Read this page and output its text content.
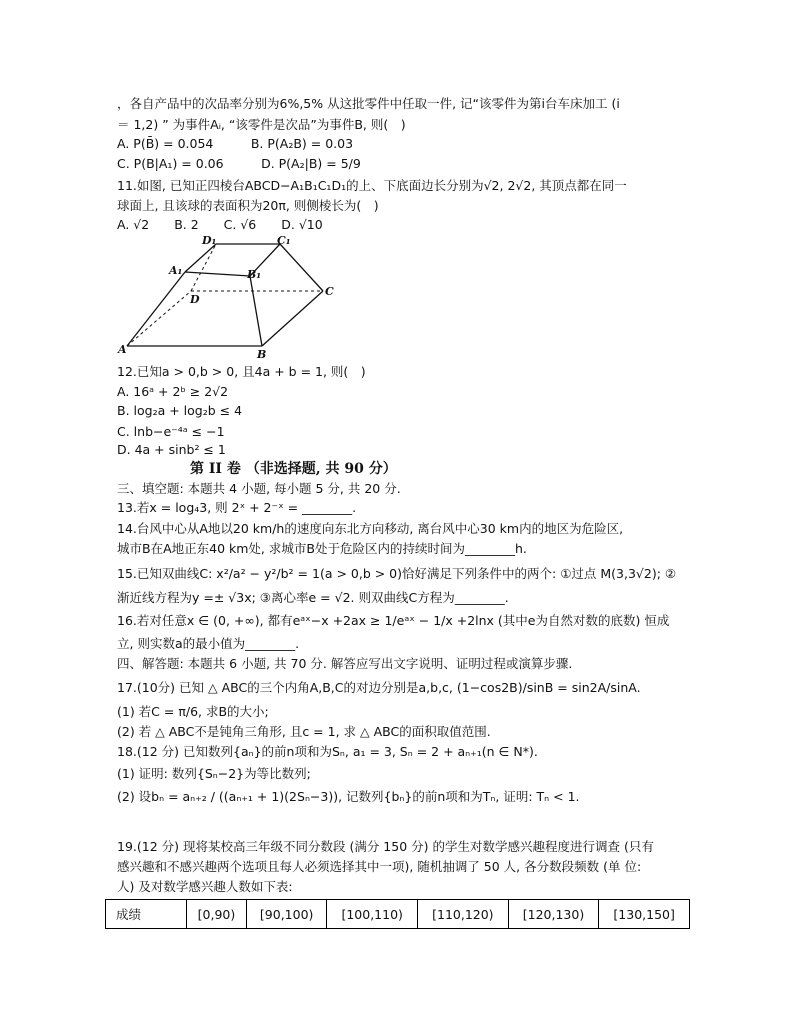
，各自产品中的次品率分别为6%,5% 从这批零件中任取一件, 记“该零件为第i台车床加工 (i
＝ 1,2) ” 为事件Aᵢ, “该零件是次品”为事件B, 则(　)
A. P(B̄) = 0.054　　　B. P(A₂B) = 0.03
C. P(B|A₁) = 0.06　　　D. P(A₂|B) = 5/9
11.如图, 已知正四棱台ABCD−A₁B₁C₁D₁的上、下底面边长分别为√2, 2√2, 其顶点都在同一
球面上, 且该球的表面积为20π, 则侧棱长为(　)
A. √2　　B. 2　　C. √6　　D. √10
A	B
C
D
A₁	B₁
C₁
D₁
12.已知a > 0,b > 0, 且4a + b = 1, 则(　)
A. 16ᵃ + 2ᵇ ≥ 2√2
B. log₂a + log₂b ≤ 4
C. lnb−e⁻⁴ᵃ ≤ −1
D. 4a + sinb² ≤ 1
第 II 卷 （非选择题, 共 90 分）
三、填空题: 本题共 4 小题, 每小题 5 分, 共 20 分.
13.若x = log₄3, 则 2ˣ + 2⁻ˣ = ________.
14.台风中心从A地以20 km/h的速度向东北方向移动, 离台风中心30 km内的地区为危险区,
城市B在A地正东40 km处, 求城市B处于危险区内的持续时间为________h.
15.已知双曲线C: x²/a² − y²/b² = 1(a > 0,b > 0)恰好满足下列条件中的两个: ①过点 M(3,3√2); ②
渐近线方程为y =± √3x; ③离心率e = √2. 则双曲线C方程为________.
16.若对任意x ∈ (0, +∞), 都有eᵃˣ−x +2ax ≥ 1/eᵃˣ − 1/x +2lnx (其中e为自然对数的底数) 恒成
立, 则实数a的最小值为________.
四、解答题: 本题共 6 小题, 共 70 分. 解答应写出文字说明、证明过程或演算步骤.
17.(10分) 已知 △ ABC的三个内角A,B,C的对边分别是a,b,c, (1−cos2B)/sinB = sin2A/sinA.
(1) 若C = π/6, 求B的大小;
(2) 若 △ ABC不是钝角三角形, 且c = 1, 求 △ ABC的面积取值范围.
18.(12 分) 已知数列{aₙ}的前n项和为Sₙ, a₁ = 3, Sₙ = 2 + aₙ₊₁(n ∈ N*).
(1) 证明: 数列{Sₙ−2}为等比数列;
(2) 设bₙ = aₙ₊₂ / ((aₙ₊₁ + 1)(2Sₙ−3)), 记数列{bₙ}的前n项和为Tₙ, 证明: Tₙ < 1.
19.(12 分) 现将某校高三年级不同分数段 (满分 150 分) 的学生对数学感兴趣程度进行调查 (只有
感兴趣和不感兴趣两个选项且每人必须选择其中一项), 随机抽调了 50 人, 各分数段频数 (单 位:
人) 及对数学感兴趣人数如下表:
成绩	[0,90)	[90,100)	[100,110)	[110,120)	[120,130)	[130,150]
